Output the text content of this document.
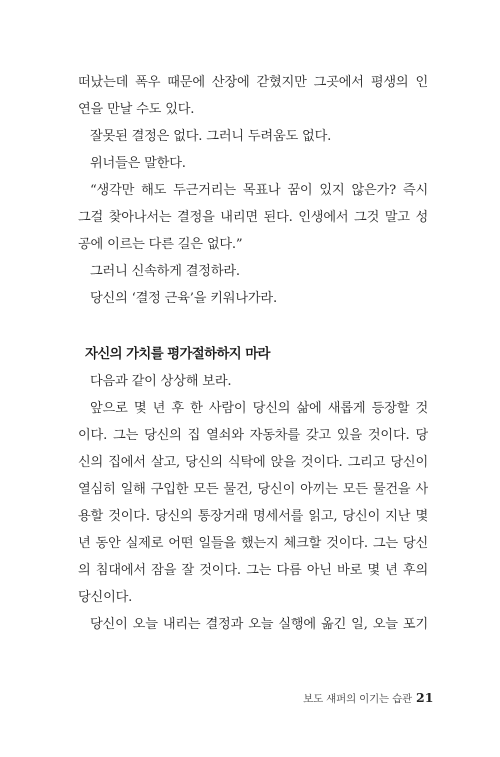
떠났는데 폭우 때문에 산장에 갇혔지만 그곳에서 평생의 인
연을 만날 수도 있다.
잘못된 결정은 없다. 그러니 두려움도 없다.
위너들은 말한다.
“생각만 해도 두근거리는 목표나 꿈이 있지 않은가? 즉시
그걸 찾아나서는 결정을 내리면 된다. 인생에서 그것 말고 성
공에 이르는 다른 길은 없다.”
그러니 신속하게 결정하라.
당신의 ‘결정 근육’을 키워나가라.
자신의 가치를 평가절하하지 마라
다음과 같이 상상해 보라.
앞으로 몇 년 후 한 사람이 당신의 삶에 새롭게 등장할 것
이다. 그는 당신의 집 열쇠와 자동차를 갖고 있을 것이다. 당
신의 집에서 살고, 당신의 식탁에 앉을 것이다. 그리고 당신이
열심히 일해 구입한 모든 물건, 당신이 아끼는 모든 물건을 사
용할 것이다. 당신의 통장거래 명세서를 읽고, 당신이 지난 몇
년 동안 실제로 어떤 일들을 했는지 체크할 것이다. 그는 당신
의 침대에서 잠을 잘 것이다. 그는 다름 아닌 바로 몇 년 후의
당신이다.
당신이 오늘 내리는 결정과 오늘 실행에 옮긴 일, 오늘 포기
보도 섀퍼의 이기는 습관 21
